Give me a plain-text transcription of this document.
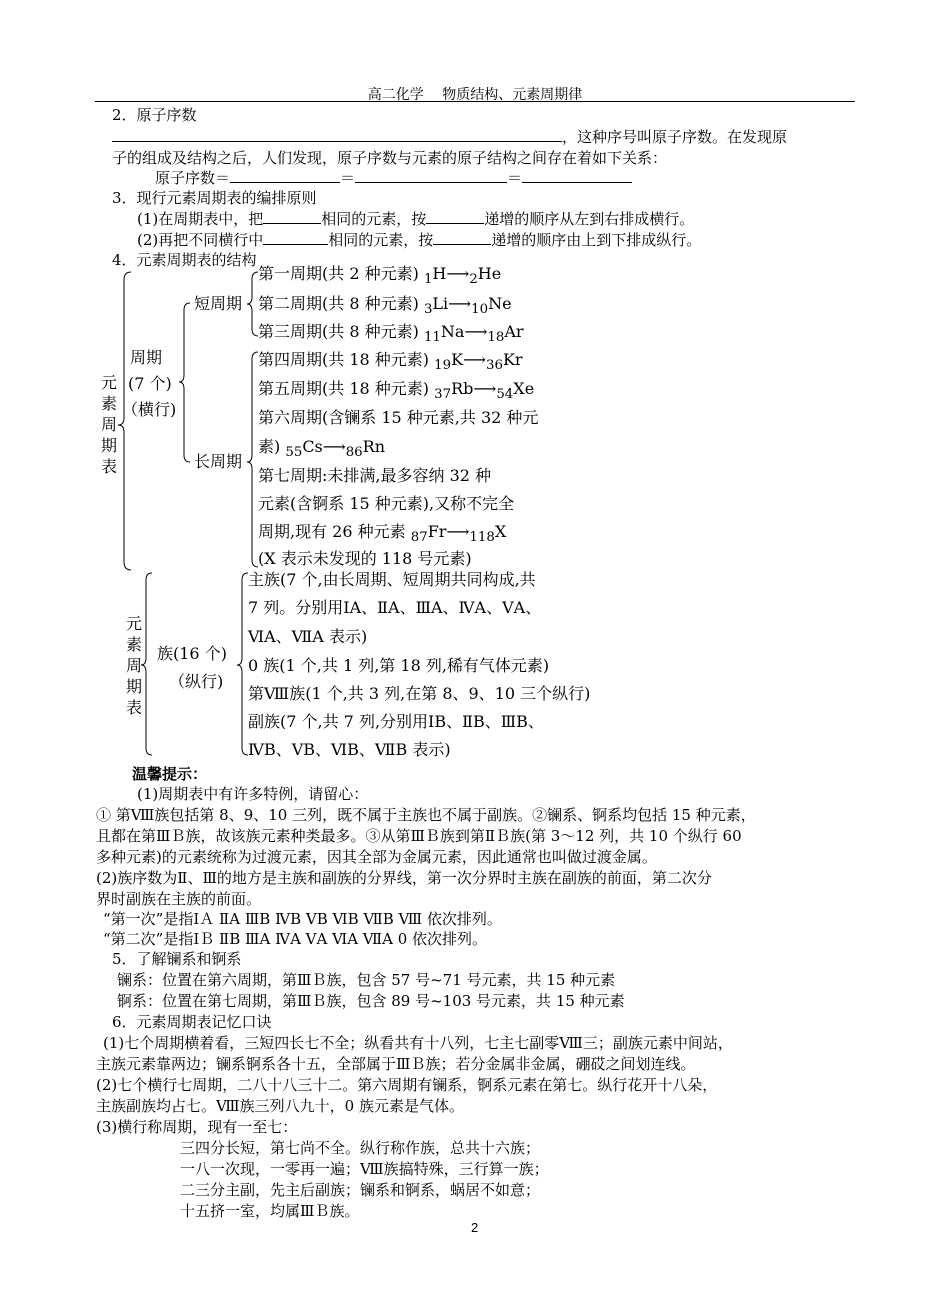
高二化学　 物质结构、元素周期律
2．原子序数
，这种序号叫原子序数。在发现原
子的组成及结构之后，人们发现，原子序数与元素的原子结构之间存在着如下关系：
原子序数＝	＝	＝
3．现行元素周期表的编排原则
(1)在周期表中，把	相同的元素，按	递增的顺序从左到右排成横行。
(2)再把不同横行中	相同的元素，按	递增的顺序由上到下排成纵行。
4．元素周期表的结构
元
素
周
期
表
周期
(7 个)
（横行)
短周期
长周期
第一周期(共 2 种元素) $_1H⟶_2He$
第二周期(共 8 种元素) $_3Li⟶_{10}Ne$
第三周期(共 8 种元素) $_{11}Na⟶_{18}Ar$
第四周期(共 18 种元素) $_{19}K⟶_{36}Kr$
第五周期(共 18 种元素) $_{37}Rb⟶_{54}Xe$
第六周期(含镧系 15 种元素,共 32 种元
素) $_{55}Cs⟶_{86}Rn$
第七周期:未排满,最多容纳 32 种
元素(含锕系 15 种元素),又称不完全
周期,现有 26 种元素 $_{87}Fr⟶_{118}X$
(X 表示未发现的 118 号元素)
元
素
周
期
表
族(16 个)
（纵行)
主族(7 个,由长周期、短周期共同构成,共
7 列。分别用ⅠA、ⅡA、ⅢA、ⅣA、ⅤA、
ⅥA、ⅦA 表示)
0 族(1 个,共 1 列,第 18 列,稀有气体元素)
第Ⅷ族(1 个,共 3 列,在第 8、9、10 三个纵行)
副族(7 个,共 7 列,分别用ⅠB、ⅡB、ⅢB、
ⅣB、ⅤB、ⅥB、ⅦB 表示)
温馨提示：
(1)周期表中有许多特例，请留心：
① 第Ⅷ族包括第 8、9、10 三列，既不属于主族也不属于副族。②镧系、锕系均包括 15 种元素，
且都在第ⅢＢ族，故该族元素种类最多。③从第ⅢＢ族到第ⅡＢ族(第 3～12 列，共 10 个纵行 60
多种元素)的元素统称为过渡元素，因其全部为金属元素，因此通常也叫做过渡金属。
(2)族序数为Ⅱ、Ⅲ的地方是主族和副族的分界线，第一次分界时主族在副族的前面，第二次分
界时副族在主族的前面。
“第一次”是指ⅠＡ ⅡA ⅢB ⅣB ⅤB ⅥB ⅦB Ⅷ 依次排列。
“第二次”是指ⅠＢ ⅡB ⅢA ⅣA ⅤA ⅥA ⅦA 0 依次排列。
5．了解镧系和锕系
镧系：位置在第六周期，第ⅢＢ族，包含 57 号~71 号元素，共 15 种元素
锕系：位置在第七周期，第ⅢＢ族，包含 89 号~103 号元素，共 15 种元素
6．元素周期表记忆口诀
(1)七个周期横着看，三短四长七不全；纵看共有十八列，七主七副零Ⅷ三；副族元素中间站，
主族元素靠两边；镧系锕系各十五，全部属于ⅢＢ族；若分金属非金属，硼砹之间划连线。
(2)七个横行七周期，二八十八三十二。第六周期有镧系，锕系元素在第七。纵行花开十八朵，
主族副族均占七。Ⅷ族三列八九十，0 族元素是气体。
(3)横行称周期，现有一至七：
三四分长短，第七尚不全。纵行称作族，总共十六族；
一八一次现，一零再一遍；Ⅷ族搞特殊，三行算一族；
二三分主副，先主后副族；镧系和锕系，蜗居不如意；
十五挤一室，均属ⅢＢ族。
2
